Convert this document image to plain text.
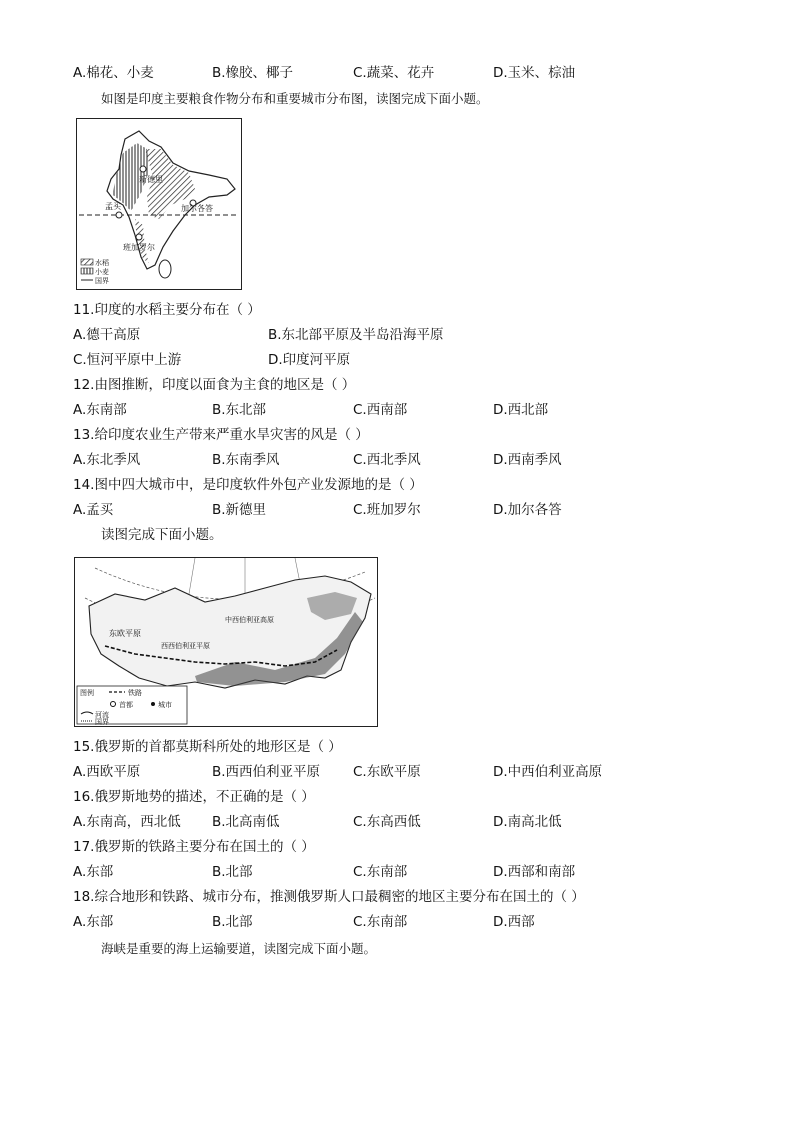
A.棉花、小麦	B.橡胶、椰子	C.蔬菜、花卉	D.玉米、棕油
如图是印度主要粮食作物分布和重要城市分布图，读图完成下面小题。
新德里
孟买	加尔各答
班加罗尔
水稻
小麦
国界
11.印度的水稻主要分布在（ ）
A.德干高原	B.东北部平原及半岛沿海平原
C.恒河平原中上游	D.印度河平原
12.由图推断，印度以面食为主食的地区是（ ）
A.东南部	B.东北部	C.西南部	D.西北部
13.给印度农业生产带来严重水旱灾害的风是（ ）
A.东北季风	B.东南季风	C.西北季风	D.西南季风
14.图中四大城市中，是印度软件外包产业发源地的是（ ）
A.孟买	B.新德里	C.班加罗尔	D.加尔各答
读图完成下面小题。
东欧平原
西西伯利亚平原
中西伯利亚高原
图例	铁路
首都	城市
河流
国界
15.俄罗斯的首都莫斯科所处的地形区是（ ）
A.西欧平原	B.西西伯利亚平原 C.东欧平原	D.中西伯利亚高原
16.俄罗斯地势的描述，不正确的是（ ）
A.东南高，西北低 B.北高南低	C.东高西低	D.南高北低
17.俄罗斯的铁路主要分布在国土的（ ）
A.东部	B.北部	C.东南部	D.西部和南部
18.综合地形和铁路、城市分布，推测俄罗斯人口最稠密的地区主要分布在国土的（ ）
A.东部	B.北部	C.东南部	D.西部
海峡是重要的海上运输要道，读图完成下面小题。
